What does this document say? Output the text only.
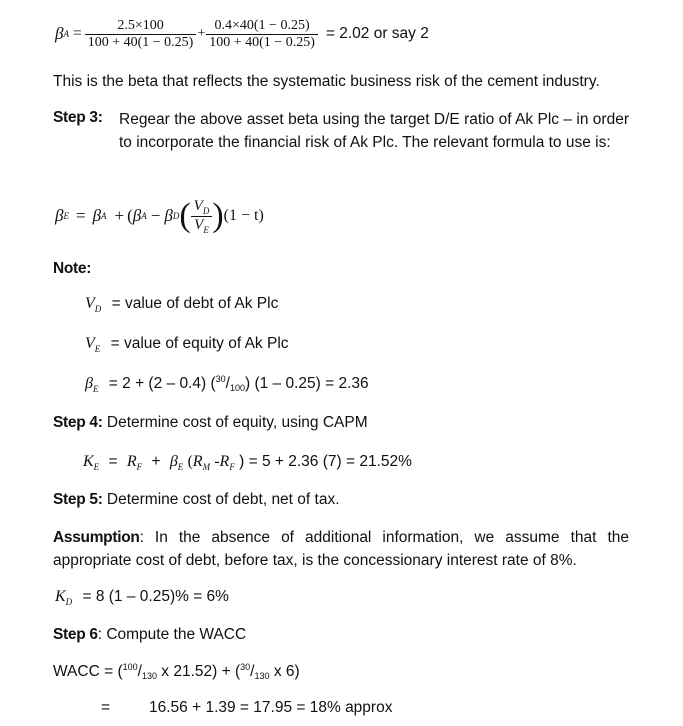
β $A = \frac{2.5\times 100}{100 + 40(1 - 0.25)} + \frac{0.4\times 40(1 - 0.25)}{100 + 40(1 - 0.25)} = 2.02$ or say 2
This is the beta that reflects the systematic business risk of the cement industry.
Step 3: Regear the above asset beta using the target D/E ratio of Ak Plc – in order to incorporate the financial risk of Ak Plc. The relevant formula to use is:
β E = β A + ( β A − β D ( $\frac{V_D}{V_E}$ ) (1 − t)
Note:
$V_D$ = value of debt of Ak Plc
$V_E$ = value of equity of Ak Plc
$\beta_E = 2 + (2 - 0.4)$ ($^{30}$/100) (1 – 0.25) = 2.36
Step 4: Determine cost of equity, using CAPM
$K_E = R_F + \beta_E$ ($R_M$ $-R_F$ ) = 5 + 2.36 (7) = 21.52%
Step 5: Determine cost of debt, net of tax.
Assumption: In the absence of additional information, we assume that the appropriate cost of debt, before tax, is the concessionary interest rate of 8%.
$K_D = 8$ (1 – 0.25)% = 6%
Step 6: Compute the WACC
WACC = ($^{100}$/130 x 21.52) + ($^{30}$/130 x 6)
=	16.56 + 1.39 = 17.95 = 18% approx
